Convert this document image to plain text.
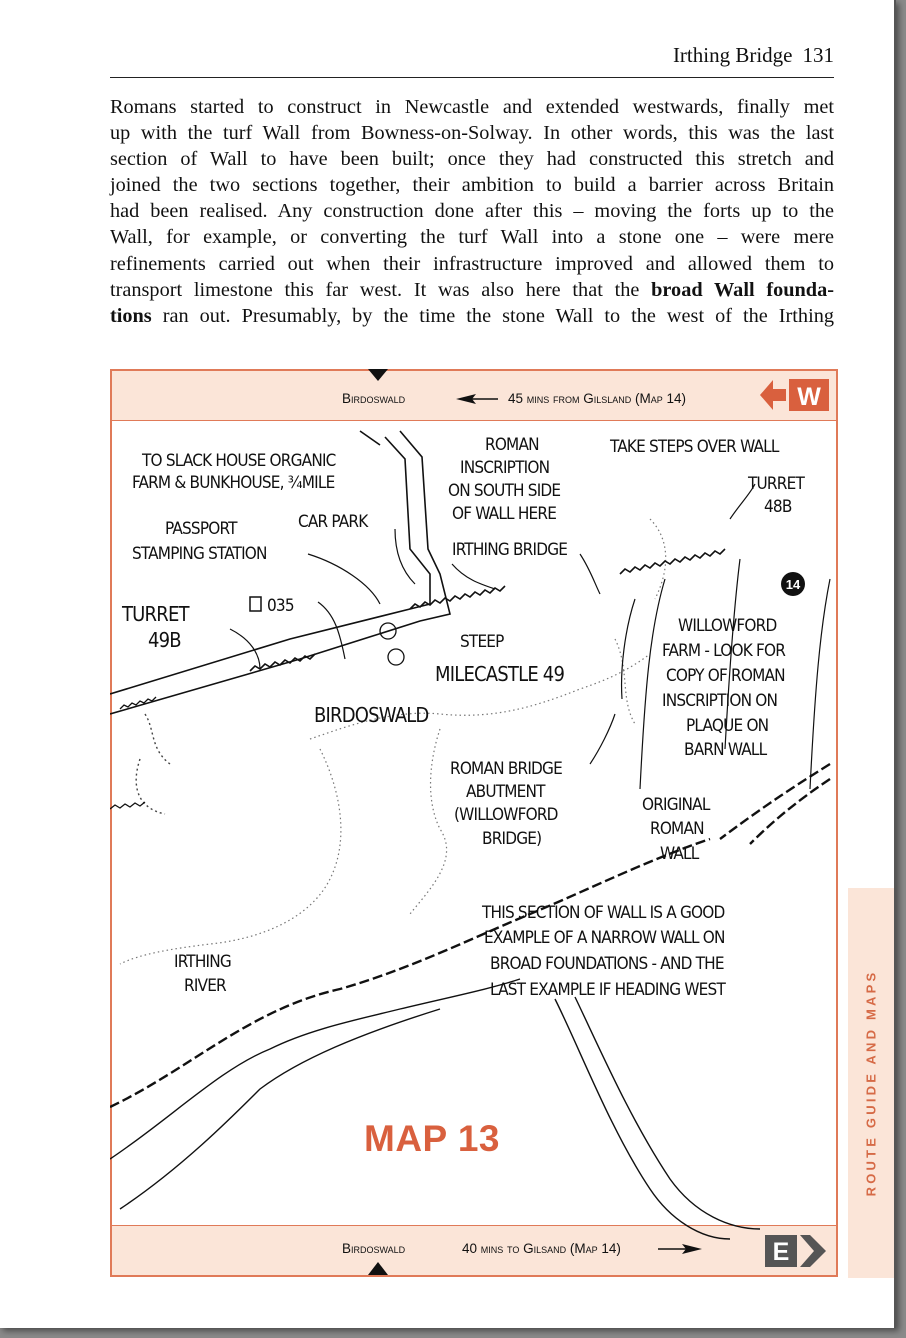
Irthing Bridge 131
Romans started to construct in Newcastle and extended westwards, finally met
up with the turf Wall from Bowness-on-Solway. In other words, this was the last
section of Wall to have been built; once they had constructed this stretch and
joined the two sections together, their ambition to build a barrier across Britain
had been realised. Any construction done after this – moving the forts up to the
Wall, for example, or converting the turf Wall into a stone one – were mere
refinements carried out when their infrastructure improved and allowed them to
transport limestone this far west. It was also here that the broad Wall founda-
tions ran out. Presumably, by the time the stone Wall to the west of the Irthing
Birdoswald	45 mins from Gilsland (Map 14)
Birdoswald	40 mins to Gilsand (Map 14)
W
E
14
TO SLACK HOUSE ORGANIC
FARM & BUNKHOUSE, ¾MILE
PASSPORT
STAMPING STATION
CAR PARK
ROMAN
INSCRIPTION
ON SOUTH SIDE
OF WALL HERE
TAKE STEPS OVER WALL
TURRET
48B
IRTHING BRIDGE
035
STEEP
WILLOWFORD
FARM - LOOK FOR
COPY OF ROMAN
INSCRIPTION ON
PLAQUE ON
BARN WALL
ROMAN BRIDGE
ABUTMENT
(WILLOWFORD
BRIDGE)
ORIGINAL
ROMAN
WALL
THIS SECTION OF WALL IS A GOOD
EXAMPLE OF A NARROW WALL ON
BROAD FOUNDATIONS - AND THE
LAST EXAMPLE IF HEADING WEST
IRTHING
RIVER
TURRET
49B
MILECASTLE 49
BIRDOSWALD
MAP 13	ROUTE GUIDE AND MAPS
